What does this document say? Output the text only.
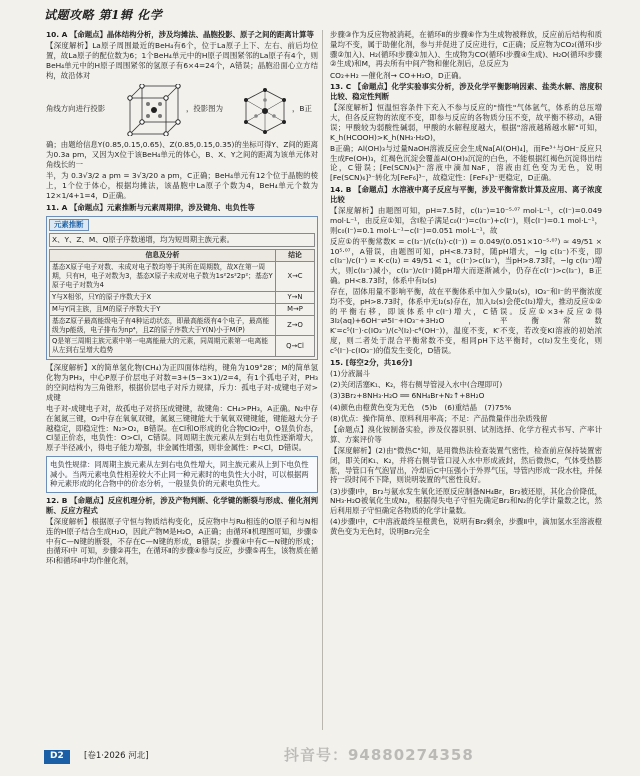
试题攻略 第1辑 化学

10. A 【命题点】晶体结构分析，涉及均摊法、晶胞投影、原子之间的距离计算等

【深度解析】La原子周围最近的BeH₄有6个，位于La原子上下、左右、前后均位置，故La原子的配位数为6；1个BeH₄单元中的H原子周围紧邻的La原子有4个，则BeH₄单元中的H原子周围紧邻的氢原子有6×4=24个，A错误；晶胞沿面心立方结构，故沿体对

角线方向进行投影	，投影图为	，B正

确；由题给信息Y(0.85,0.15,0.65)、Z(0.85,0.15,0.35)的坐标可得Y、Z间的距离为0.3a pm，又因为X位于该BeH₄单元的体心，B、X、Y之间的距离为该单元体对角线长的一

半，为 0.3√3/2 a pm = 3√3/20 a pm，C正确；BeH₄单元有12个位于晶胞的棱上，1个位于体心，根据均摊法，该晶胞中La原子个数为4，BeH₄单元个数为12×1/4+1=4，D正确。

11. A 【命题点】元素推断与元素周期律，涉及键角、电负性等

元素推断
X、Y、Z、M、Q原子序数递增，均为短周期主族元素。
信息及分析	结论
基态X原子电子对数、未成对电子数均等于其所在周期数，故X在第一周期，只有H，电子对数为3，基态X原子未成对电子数为1s²2s²2p²；基态Y原子电子对数为4	X→C
Y与X相邻，只Y的原子序数大于X	Y→N
M与Y同主族，且M的原子序数大于Y	M→P
基态Z原子最高能级电子有4种运动状态，即最高能级有4个电子，最高能级为p能级，电子排布为np⁴，且Z的原子序数大于Y(N)小于M(P)	Z→O
Q是第三周期主族元素中第一电离能最大的元素，同周期元素第一电离能从左到右呈增大趋势	Q→Cl

【深度解析】X的简单氢化物(CH₄)为正四面体结构，键角为109°28′；M的简单氢化物为PH₃，中心P原子价层电子对数=3+(5−3×1)/2=4，有1个孤电子对，PH₃的空间结构为三角锥形，根据价层电子对斥力规律，斥力：孤电子对-成键电子对>成键

电子对-成键电子对，故孤电子对挤压成键键，故键角：CH₄>PH₃，A正确。N₂中存在氮氮三键，O₂中存在氧氧双键，氮氮三键键能大于氧氧双键键能，键能越大分子越稳定，即稳定性：N₂>O₂，B错误。在Cl和O形成的化合物ClO₂中，O显负价态，Cl显正价态，电负性：O>Cl，C错误。同周期主族元素从左到右电负性逐渐增大，原子半径减小，得电子能力增强，非金属性增强，则非金属性：P<Cl，D错误。

电负性规律：同周期主族元素从左到右电负性增大，同主族元素从上到下电负性减小。当两元素电负性相差较大不止同一种元素时的电负性大小时，可以根据两种元素形成的化合物中的价态分析，一般显负价的元素电负性大。

12. B 【命题点】反应机理分析，涉及产物判断、化学键的断裂与形成、催化剂判断、反应方程式

【深度解析】根据原子守恒与物质结构变化，反应物中与Ru相连的O原子和与N相连的H原子结合生成H₂O，因此产物M是H₂O，A正确；由循环Ⅱ机理图可知，步骤⑤中有C—N键的断裂，不存在C—N键的形成，B错误；步骤④中有C—N键的形成；由循环Ⅰ中 可知，步骤②再生，在循环Ⅱ的步骤④参与反应，步骤⑤再生，该物质在循环Ⅰ和循环Ⅱ中均作催化剂，

步骤③作为反应物被消耗，在循环Ⅱ的步骤⑥作为生成物被释放，反应前后结构和质量均不变，属于助催化剂，参与并促进了反应进行，C正确；反应物为CO₂(循环Ⅰ步骤②加入)、H₂(循环Ⅰ步骤①加入)、生成物为CO(循环Ⅰ步骤④生成)、H₂O(循环Ⅰ步骤②生成)和M，再去所有中间产物和催化剂后，总反应为

CO₂+H₂ —催化剂→ CO+H₂O，D正确。

13. C 【命题点】化学实验事实分析，涉及化学平衡影响因素、盐类水解、溶度积比较、稳定性判断

【深度解析】恒温恒容条件下充入不参与反应的"惰性"气体氩气，体系的总压增大，但各反应物的浓度不变，即参与反应的各物质分压不变，故平衡不移动，A错误；甲酸较为弱酸性碱弱，甲酸的水解程度越大，根据"溶液越稀越水解"可知，K_h(HCOOH)>K_h(NH₃·H₂O)，

B正确；Al(OH)₃与过量NaOH溶液反应会生成Na[Al(OH)₄]，而Fe³⁺与OH⁻反应只生成Fe(OH)₃，红褐色沉淀会覆盖Al(OH)₃沉淀的白色，不能根据红褐色沉淀得出结论，C错误；[Fe(SCN)₆]³⁻溶液中滴加NaF，溶液由红色变为无色，说明[Fe(SCN)₆]³⁻转化为[FeF₆]³⁻，故稳定性：[FeF₆]³⁻更稳定，D正确。

14. B 【命题点】水溶液中离子反应与平衡，涉及平衡常数计算及应用、离子浓度比较

【深度解析】由题图可知，pH=7.5时，c(I₃⁻)=10⁻⁵·⁰⁷ mol·L⁻¹，c(I⁻)=0.049 mol·L⁻¹，由反应①知，含I粒子满足c₀(I⁻)=c(I₃⁻)+c(I⁻)，则c(I⁻)=0.1 mol·L⁻¹，则c₀(I⁻)=0.1 mol·L⁻¹−c(I⁻)=0.051 mol·L⁻¹，故

反应①的平衡常数K = c(I₃⁻)/(c(I₂)·c(I⁻)) = 0.049/(0.051×10⁻⁵·⁰⁷) ≈ 49/51 × 10⁵·⁰⁷，A错误，由题图可知，pH<8.73时，随pH增大，−lg c(I₃⁻)不变，即c(I₃⁻)/c(I⁻) = K·c(I₂) = 49/51 < 1，c(I⁻)>c(I₃⁻)，当pH>8.73时，−lg c(I₃⁻)增大，则c(I₃⁻)减小，c(I₃⁻)/c(I⁻)随pH增大而逐渐减小，仍存在c(I⁻)>c(I₃⁻)，B正确。pH<8.73时，体系中有I₂(s)

存在，固体用量不影响平衡，故在平衡体系中加入少量I₂(s)，IO₃⁻和I⁻的平衡浓度均不变，pH>8.73时，体系中无I₂(s)存在，加入I₂(s)会使c(I₂)增大，推动反应①②的平衡右移，即该体系中c(I⁻)增大，C错误。反应①×3+反应②得3I₂(aq)+6OH⁻⇌5I⁻+IO₃⁻+3H₂O，平衡常数K′=c⁵(I⁻)·c(IO₃⁻)/(c³(I₂)·c⁶(OH⁻))，温度不变，K′不变，若改变KI溶液的初始浓度，则二者处于混合平衡常数不变，相同pH下达平衡时，c(I₂)发生变化，则c⁵(I⁻)·c(IO₃⁻)的值发生变化，D错误。

15. [每空2分，共16分]

(1)分液漏斗

(2)关闭活塞K₁、K₂，将右侧导管浸入水中(合理即可)

(3)3Br₂+8NH₃·H₂O ══ 6NH₄Br+N₂↑+8H₂O

(4)颜色由橙黄色变为无色　(5)b　(6)重结晶　(7)75%

(8)优点：操作简单、原料利用率高；不足：产品微量伴出杂质残留

【命题点】溴化铵制备实验，涉及仪器识别、试剂选择、化学方程式书写、产率计算、方案评价等

【深度解析】(2)由"微热C"知，是用微热法检查装置气密性，检查前应保持装置密闭，即关闭K₁、K₂，并将右侧导管口浸入水中形成液封，然后微热C，气体受热膨胀，导管口有气泡冒出，冷却后C中压强小于外界气压，导管内形成一段水柱，并保持一段时间不下降，则说明装置的气密性良好。

(3)步骤Ⅰ中，Br₂与氨水发生氧化还原反应制备NH₄Br，Br₂被还原，其化合价降低，NH₃·H₂O被氧化生成N₂，根据得失电子守恒先确定Br₂和N₂的化学计量数之比，然后利用原子守恒确定各物质的化学计量数。

(4)步骤Ⅰ中，C中溶液最终呈橙黄色，说明有Br₂剩余，步骤Ⅱ中，滴加氢水至溶液橙黄色变为无色时，说明Br₂完全

D2	[卷1·2026 河北]	抖音号：94880274358
